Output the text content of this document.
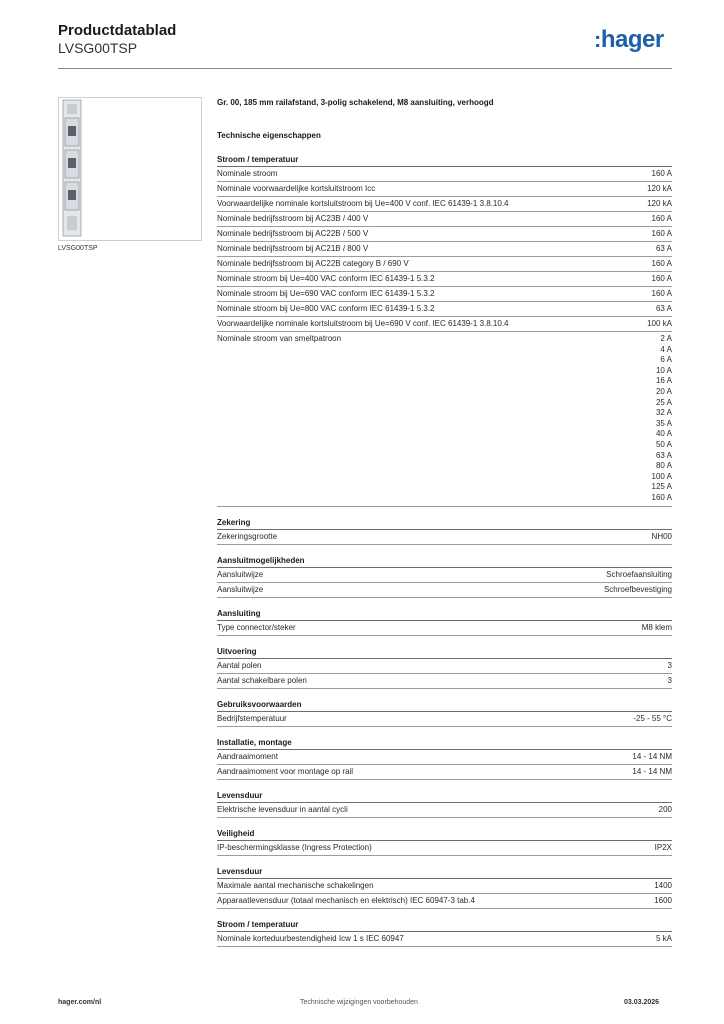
Productdatablad
LVSG00TSP	:hager
LVSG00TSP
Gr. 00, 185 mm railafstand, 3-polig schakelend, M8 aansluiting, verhoogd
Technische eigenschappen
Stroom / temperatuur
Nominale stroom	160 A
Nominale voorwaardelijke kortsluitstroom Icc	120 kA
Voorwaardelijke nominale kortsluitstroom bij Ue=400 V conf. IEC 61439-1 3.8.10.4	120 kA
Nominale bedrijfsstroom bij AC23B / 400 V	160 A
Nominale bedrijfsstroom bij AC22B / 500 V	160 A
Nominale bedrijfsstroom bij AC21B / 800 V	63 A
Nominale bedrijfsstroom bij AC22B category B / 690 V	160 A
Nominale stroom bij Ue=400 VAC conform IEC 61439-1 5.3.2	160 A
Nominale stroom bij Ue=690 VAC conform IEC 61439-1 5.3.2	160 A
Nominale stroom bij Ue=800 VAC conform IEC 61439-1 5.3.2	63 A
Voorwaardelijke nominale kortsluitstroom bij Ue=690 V conf. IEC 61439-1 3.8.10.4	100 kA
Nominale stroom van smeltpatroon	2 A
4 A
6 A
10 A
16 A
20 A
25 A
32 A
35 A
40 A
50 A
63 A
80 A
100 A
125 A
160 A
Zekering
Zekeringsgrootte	NH00
Aansluitmogelijkheden
Aansluitwijze	Schroefaansluiting
Aansluitwijze	Schroefbevestiging
Aansluiting
Type connector/steker	M8 klem
Uitvoering
Aantal polen	3
Aantal schakelbare polen	3
Gebruiksvoorwaarden
Bedrijfstemperatuur	-25 - 55 °C
Installatie, montage
Aandraaimoment	14 - 14 NM
Aandraaimoment voor montage op rail	14 - 14 NM
Levensduur
Elektrische levensduur in aantal cycli	200
Veiligheid
IP-beschermingsklasse (Ingress Protection)	IP2X
Levensduur
Maximale aantal mechanische schakelingen	1400
Apparaatlevensduur (totaal mechanisch en elektrisch) IEC 60947-3 tab.4	1600
Stroom / temperatuur
Nominale korteduurbestendigheid Icw 1 s IEC 60947	5 kA
hager.com/nl	Technische wijzigingen voorbehouden	03.03.2026
